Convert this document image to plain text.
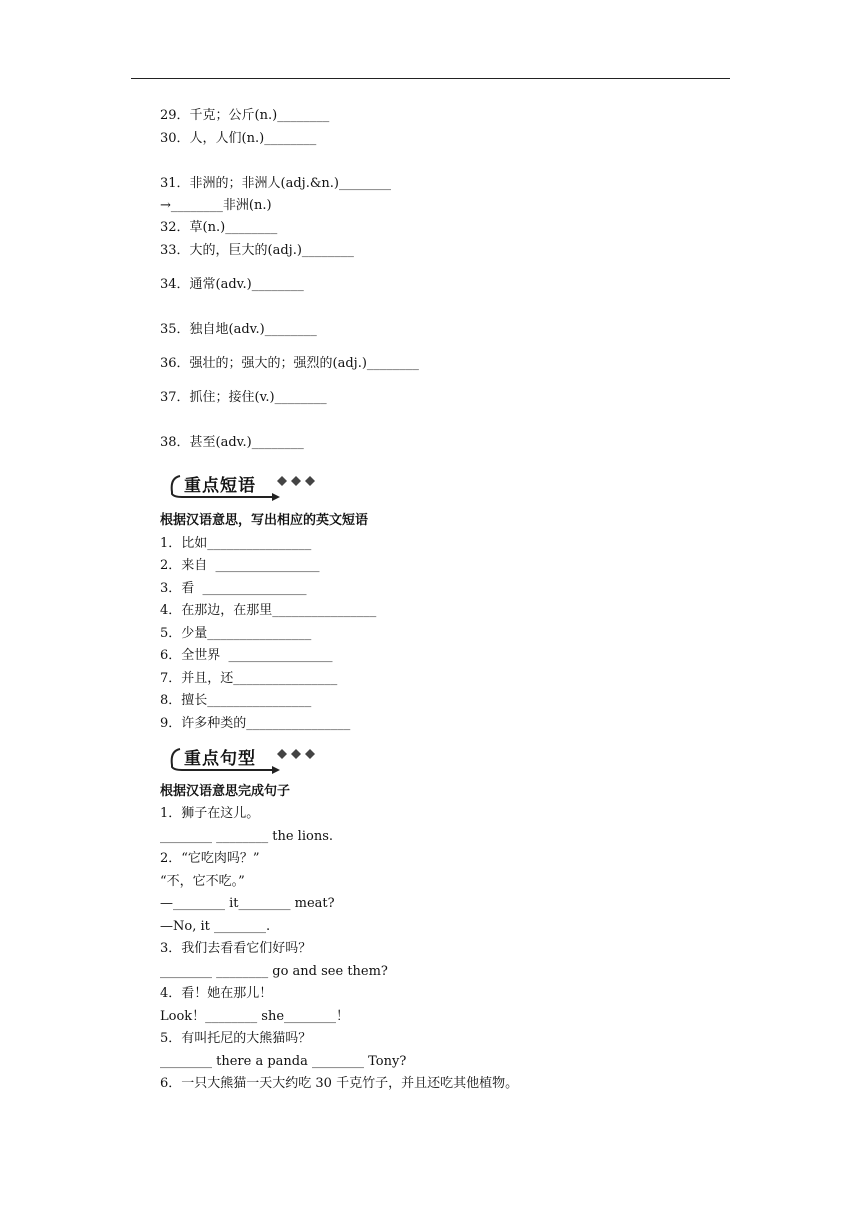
29．千克；公斤(n.)________
30．人，人们(n.)________
31．非洲的；非洲人(adj.&n.)________
→________非洲(n.)
32．草(n.)________
33．大的，巨大的(adj.)________
34．通常(adv.)________
35．独自地(adv.)________
36．强壮的；强大的；强烈的(adj.)________
37．抓住；接住(v.)________
38．甚至(adv.)________
重点短语
根据汉语意思，写出相应的英文短语
1．比如________________
2．来自  ________________
3．看  ________________
4．在那边，在那里________________
5．少量________________
6．全世界  ________________
7．并且，还________________
8．擅长________________
9．许多种类的________________
重点句型
根据汉语意思完成句子
1．狮子在这儿。
________ ________ the lions.
2．“它吃肉吗？”
“不，它不吃。”
—________ it________ meat?
—No, it ________.
3．我们去看看它们好吗？
________ ________ go and see them?
4．看！她在那儿！
Look！________ she________！
5．有叫托尼的大熊猫吗？
________ there a panda ________ Tony?
6．一只大熊猫一天大约吃 30 千克竹子，并且还吃其他植物。
